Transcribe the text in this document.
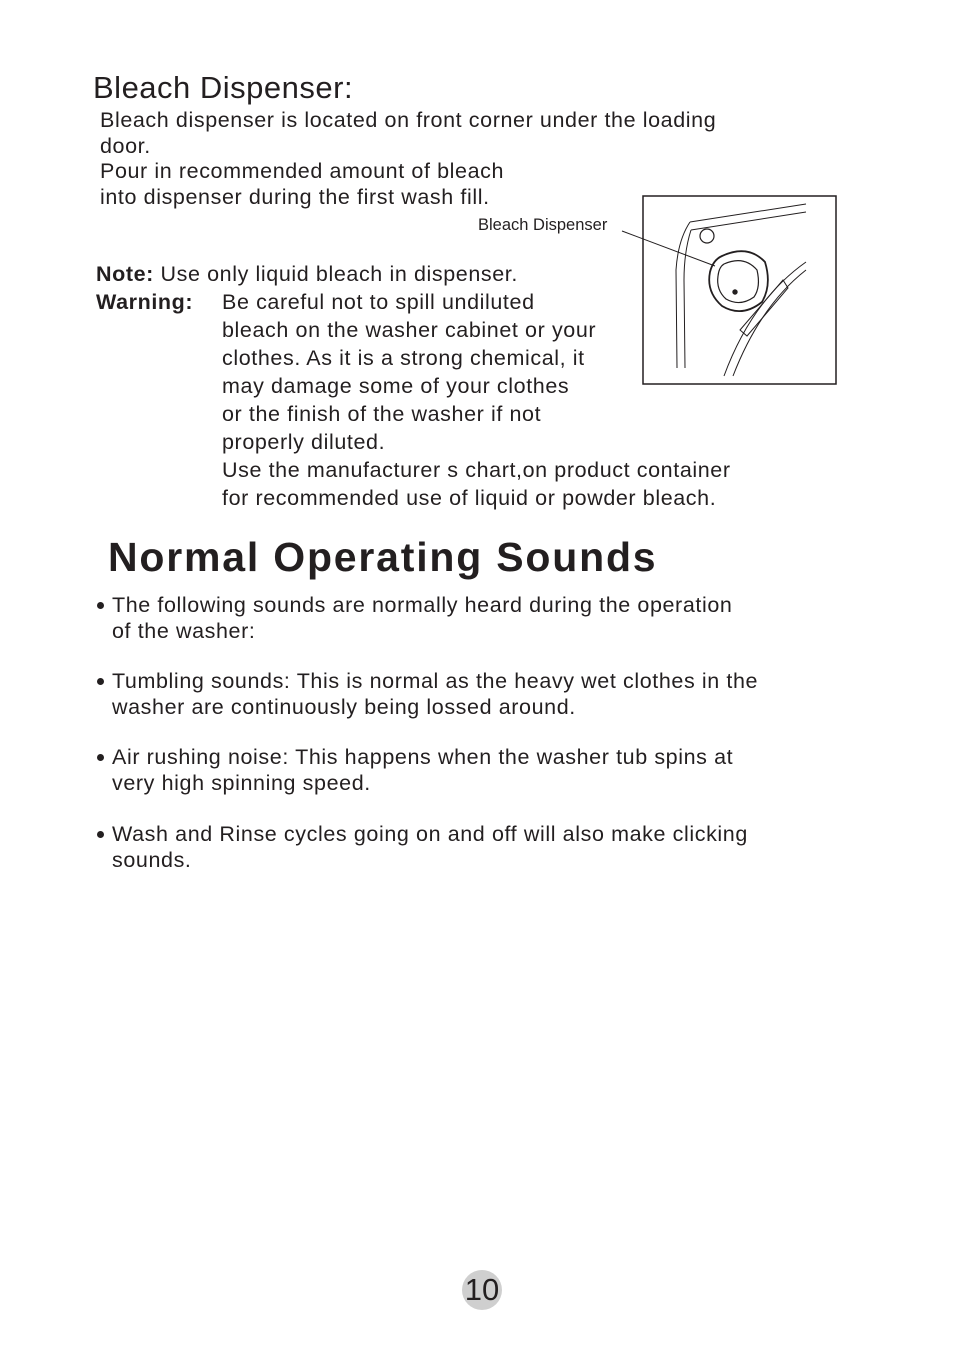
Bleach Dispenser:
Bleach dispenser is located on front corner under the loading
door.
Pour in recommended amount of bleach
into dispenser during the first wash fill.
Bleach Dispenser
Note: Use only liquid bleach in dispenser.
Warning: Be careful not to spill undiluted
bleach on the washer cabinet or your
clothes. As it is a strong chemical, it
may damage some of your clothes
or the finish of the washer if not
properly diluted.
Use the manufacturer s chart,on product container
for recommended use of liquid or powder bleach.
Normal Operating Sounds
The following sounds are normally heard during the operation
of the washer:
Tumbling sounds: This is normal as the heavy wet clothes in the
washer are continuously being lossed around.
Air rushing noise: This happens when the washer tub spins at
very high spinning speed.
Wash and Rinse cycles going on and off will also make clicking
sounds.
10
